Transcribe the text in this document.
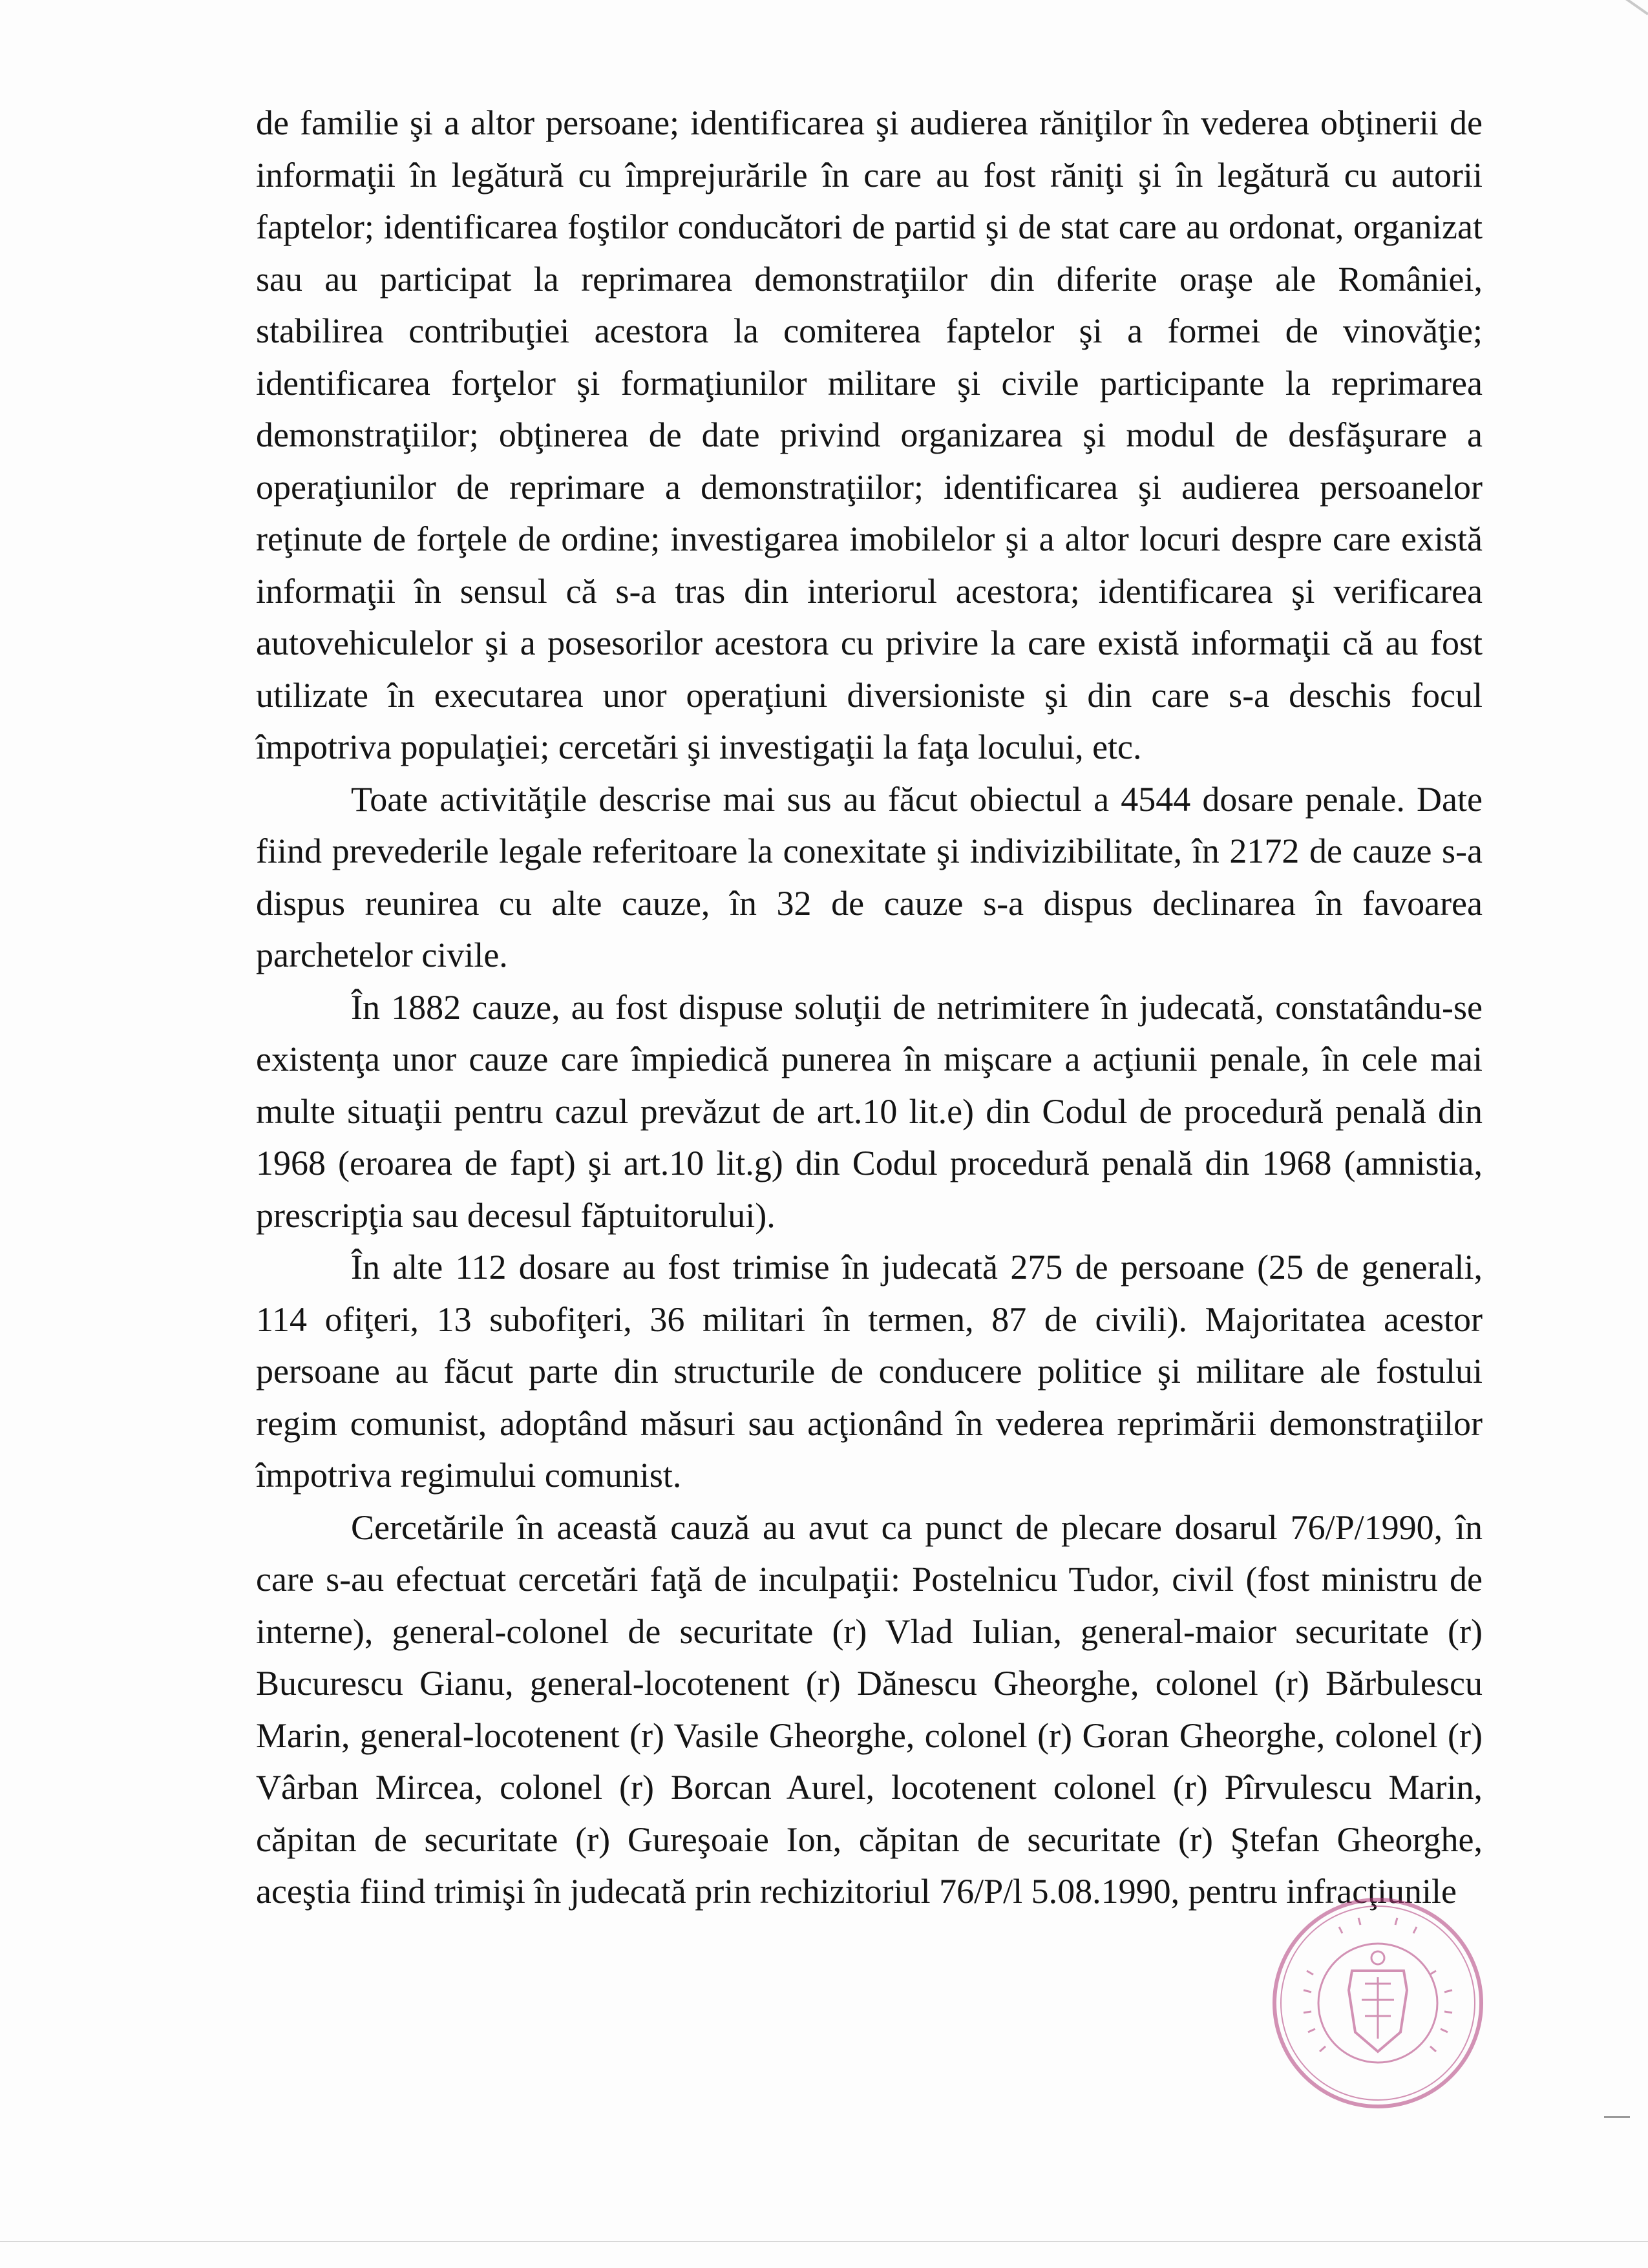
de familie şi a altor persoane; identificarea şi audierea răniţilor în vederea obţinerii de informaţii în legătură cu împrejurările în care au fost răniţi şi în legătură cu autorii faptelor; identificarea foştilor conducători de partid şi de stat care au ordonat, organizat sau au participat la reprimarea demonstraţiilor din diferite oraşe ale României, stabilirea contribuţiei acestora la comiterea faptelor şi a formei de vinovăţie; identificarea forţelor şi formaţiunilor militare şi civile participante la reprimarea demonstraţiilor; obţinerea de date privind organizarea şi modul de desfăşurare a operaţiunilor de reprimare a demonstraţiilor; identificarea şi audierea persoanelor reţinute de forţele de ordine; investigarea imobilelor şi a altor locuri despre care există informaţii în sensul că s-a tras din interiorul acestora; identificarea şi verificarea autovehiculelor şi a posesorilor acestora cu privire la care există informaţii că au fost utilizate în executarea unor operaţiuni diversioniste şi din care s-a deschis focul împotriva populaţiei; cercetări şi investigaţii la faţa locului, etc.

Toate activităţile descrise mai sus au făcut obiectul a 4544 dosare penale. Date fiind prevederile legale referitoare la conexitate şi indivizibilitate, în 2172 de cauze s-a dispus reunirea cu alte cauze, în 32 de cauze s-a dispus declinarea în favoarea parchetelor civile.

În 1882 cauze, au fost dispuse soluţii de netrimitere în judecată, constatându-se existenţa unor cauze care împiedică punerea în mişcare a acţiunii penale, în cele mai multe situaţii pentru cazul prevăzut de art.10 lit.e) din Codul de procedură penală din 1968 (eroarea de fapt) şi art.10 lit.g) din Codul procedură penală din 1968 (amnistia, prescripţia sau decesul făptuitorului).

În alte 112 dosare au fost trimise în judecată 275 de persoane (25 de generali, 114 ofiţeri, 13 subofiţeri, 36 militari în termen, 87 de civili). Majoritatea acestor persoane au făcut parte din structurile de conducere politice şi militare ale fostului regim comunist, adoptând măsuri sau acţionând în vederea reprimării demonstraţiilor împotriva regimului comunist.

Cercetările în această cauză au avut ca punct de plecare dosarul 76/P/1990, în care s-au efectuat cercetări faţă de inculpaţii: Postelnicu Tudor, civil (fost ministru de interne), general-colonel de securitate (r) Vlad Iulian, general-maior securitate (r) Bucurescu Gianu, general-locotenent (r) Dănescu Gheorghe, colonel (r) Bărbulescu Marin, general-locotenent (r) Vasile Gheorghe, colonel (r) Goran Gheorghe, colonel (r) Vârban Mircea, colonel (r) Borcan Aurel, locotenent colonel (r) Pîrvulescu Marin, căpitan de securitate (r) Gureşoaie Ion, căpitan de securitate (r) Ştefan Gheorghe, aceştia fiind trimişi în judecată prin rechizitoriul 76/P/l 5.08.1990, pentru infracţiunile
